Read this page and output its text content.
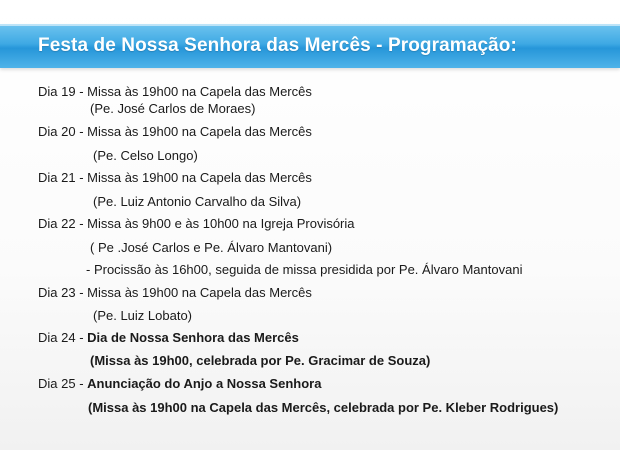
Festa de Nossa Senhora das Mercês - Programação:
Dia 19 - Missa às 19h00 na Capela das Mercês
(Pe. José Carlos de Moraes)
Dia 20 - Missa às 19h00 na Capela das Mercês
(Pe. Celso Longo)
Dia 21 - Missa às 19h00 na Capela das Mercês
(Pe. Luiz Antonio Carvalho da Silva)
Dia 22 - Missa às 9h00 e às 10h00 na Igreja Provisória
( Pe .José Carlos e Pe. Álvaro Mantovani)
- Procissão às 16h00, seguida de missa presidida por Pe. Álvaro Mantovani
Dia 23 - Missa às 19h00 na Capela das Mercês
(Pe. Luiz Lobato)
Dia 24 - Dia de Nossa Senhora das Mercês
(Missa às 19h00, celebrada por Pe. Gracimar de Souza)
Dia 25 - Anunciação do Anjo a Nossa Senhora
(Missa às 19h00 na Capela das Mercês, celebrada por Pe. Kleber Rodrigues)
